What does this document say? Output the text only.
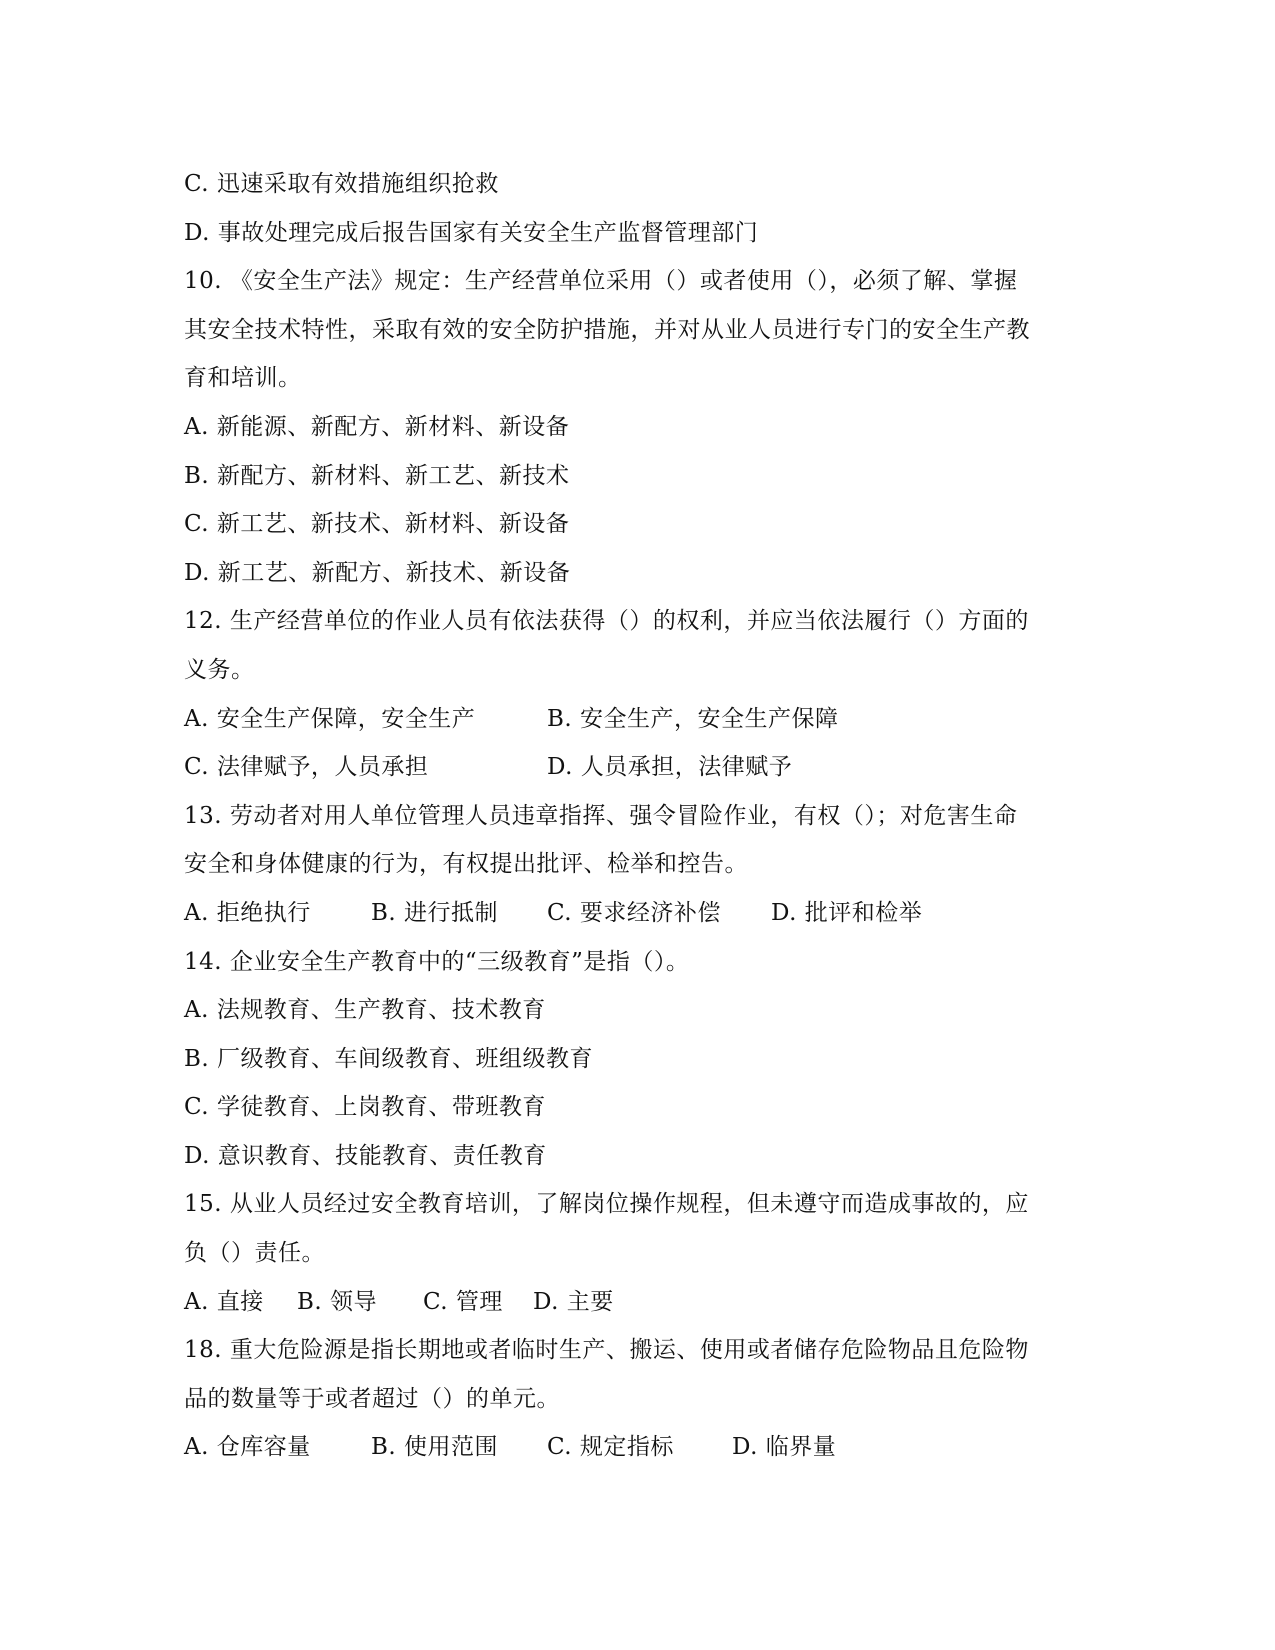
C. 迅速采取有效措施组织抢救
D. 事故处理完成后报告国家有关安全生产监督管理部门
10. 《安全生产法》规定：生产经营单位采用（）或者使用（），必须了解、掌握
其安全技术特性，采取有效的安全防护措施，并对从业人员进行专门的安全生产教
育和培训。
A. 新能源、新配方、新材料、新设备
B. 新配方、新材料、新工艺、新技术
C. 新工艺、新技术、新材料、新设备
D. 新工艺、新配方、新技术、新设备
12. 生产经营单位的作业人员有依法获得（）的权利，并应当依法履行（）方面的
义务。
A. 安全生产保障，安全生产	B. 安全生产，安全生产保障
C. 法律赋予，人员承担	D. 人员承担，法律赋予
13. 劳动者对用人单位管理人员违章指挥、强令冒险作业，有权（）；对危害生命
安全和身体健康的行为，有权提出批评、检举和控告。
A. 拒绝执行	B. 进行抵制	C. 要求经济补偿	D. 批评和检举
14. 企业安全生产教育中的“三级教育”是指（）。
A. 法规教育、生产教育、技术教育
B. 厂级教育、车间级教育、班组级教育
C. 学徒教育、上岗教育、带班教育
D. 意识教育、技能教育、责任教育
15. 从业人员经过安全教育培训，了解岗位操作规程，但未遵守而造成事故的，应
负（）责任。
A. 直接	B. 领导	C. 管理	D. 主要
18. 重大危险源是指长期地或者临时生产、搬运、使用或者储存危险物品且危险物
品的数量等于或者超过（）的单元。
A. 仓库容量	B. 使用范围	C. 规定指标	D. 临界量
